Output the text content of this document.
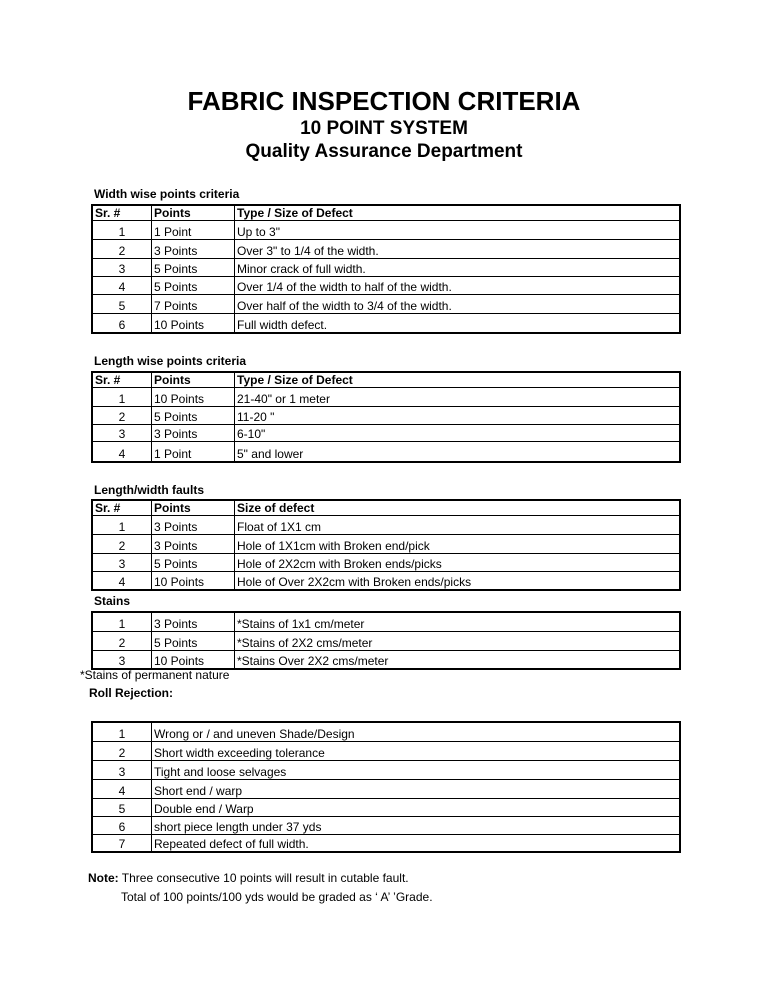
FABRIC INSPECTION CRITERIA
10 POINT SYSTEM
Quality Assurance Department
Width wise points criteria
Sr. #	Points	Type / Size of Defect
1	1 Point	Up to 3"
2	3 Points	Over 3" to 1/4 of the width.
3	5 Points	Minor crack of full width.
4	5 Points	Over 1/4 of the width to half of the width.
5	7 Points	Over half of the width to 3/4 of the width.
6	10 Points	Full width defect.
Length wise points criteria
Sr. #	Points	Type / Size of Defect
1	10 Points	21-40" or 1 meter
2	5 Points	11-20 "
3	3 Points	6-10"
4	1 Point	5" and lower
Length/width faults
Sr. #	Points	Size of defect
1	3 Points	Float of 1X1 cm
2	3 Points	Hole of 1X1cm with Broken end/pick
3	5 Points	Hole of 2X2cm with Broken ends/picks
4	10 Points	Hole of Over 2X2cm with Broken ends/picks
Stains
1	3 Points	*Stains of 1x1 cm/meter
2	5 Points	*Stains of 2X2 cms/meter
3	10 Points	*Stains Over 2X2 cms/meter
*Stains of permanent nature
Roll Rejection:
1	Wrong or / and uneven Shade/Design
2	Short width exceeding tolerance
3	Tight and loose selvages
4	Short end / warp
5	Double end / Warp
6	short piece length under 37 yds
7	Repeated defect of full width.
Note: Three consecutive 10 points will result in cutable fault.
Total of 100 points/100 yds would be graded as ‘ A’ ’Grade.
